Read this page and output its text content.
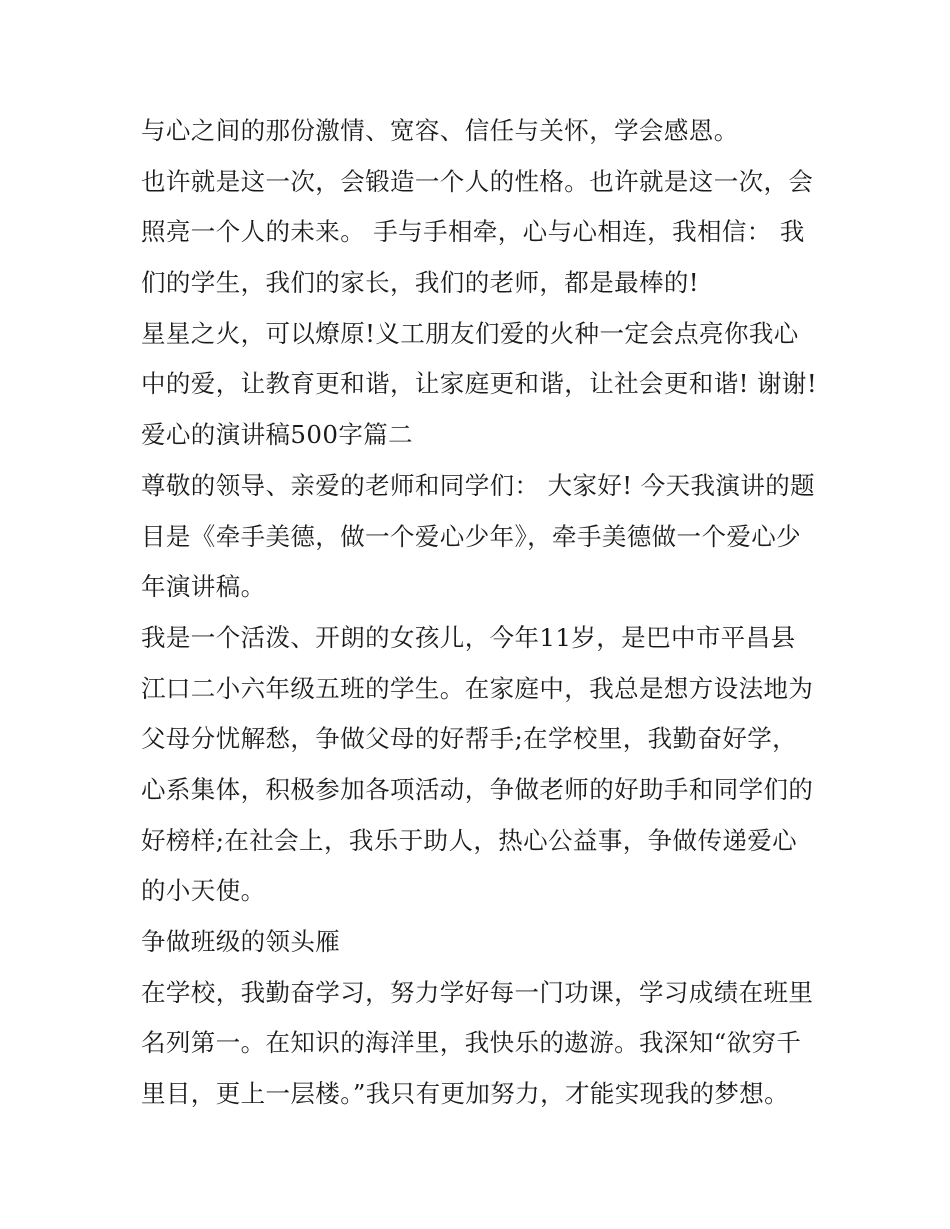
与心之间的那份激情、宽容、信任与关怀，学会感恩。
也许就是这一次，会锻造一个人的性格。也许就是这一次，会
照亮一个人的未来。 手与手相牵，心与心相连，我相信： 我
们的学生，我们的家长，我们的老师，都是最棒的!
星星之火，可以燎原!义工朋友们爱的火种一定会点亮你我心
中的爱，让教育更和谐，让家庭更和谐，让社会更和谐! 谢谢!
爱心的演讲稿500字篇二
尊敬的领导、亲爱的老师和同学们： 大家好! 今天我演讲的题
目是《牵手美德，做一个爱心少年》，牵手美德做一个爱心少
年演讲稿。
我是一个活泼、开朗的女孩儿，今年11岁，是巴中市平昌县
江口二小六年级五班的学生。在家庭中，我总是想方设法地为
父母分忧解愁，争做父母的好帮手;在学校里，我勤奋好学，
心系集体，积极参加各项活动，争做老师的好助手和同学们的
好榜样;在社会上，我乐于助人，热心公益事，争做传递爱心
的小天使。
争做班级的领头雁
在学校，我勤奋学习，努力学好每一门功课，学习成绩在班里
名列第一。在知识的海洋里，我快乐的遨游。我深知“欲穷千
里目，更上一层楼。”我只有更加努力，才能实现我的梦想。
